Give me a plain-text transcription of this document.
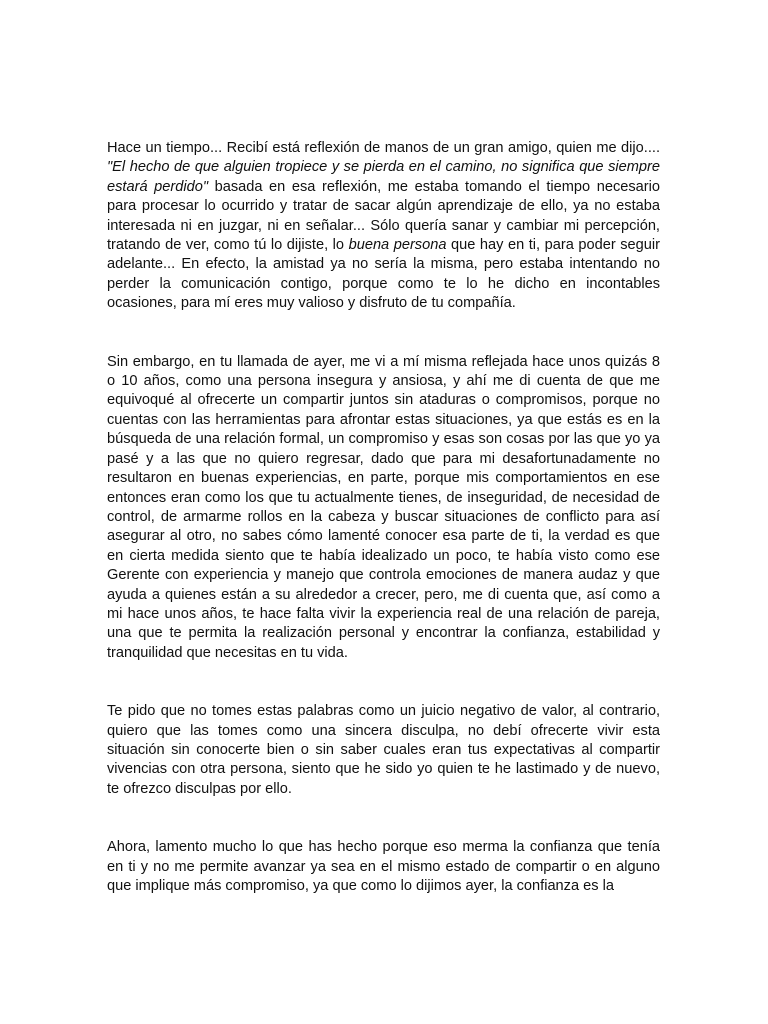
Hace un tiempo... Recibí está reflexión de manos de un gran amigo, quien me dijo.... "El hecho de que alguien tropiece y se pierda en el camino, no significa que siempre estará perdido" basada en esa reflexión, me estaba tomando el tiempo necesario para procesar lo ocurrido y tratar de sacar algún aprendizaje de ello, ya no estaba interesada ni en juzgar, ni en señalar... Sólo quería sanar y cambiar mi percepción, tratando de ver, como tú lo dijiste, lo buena persona que hay en ti, para poder seguir adelante... En efecto, la amistad ya no sería la misma, pero estaba intentando no perder la comunicación contigo, porque como te lo he dicho en incontables ocasiones, para mí eres muy valioso y disfruto de tu compañía.

Sin embargo, en tu llamada de ayer, me vi a mí misma reflejada hace unos quizás 8 o 10 años, como una persona insegura y ansiosa, y ahí me di cuenta de que me equivoqué al ofrecerte un compartir juntos sin ataduras o compromisos, porque no cuentas con las herramientas para afrontar estas situaciones, ya que estás es en la búsqueda de una relación formal, un compromiso y esas son cosas por las que yo ya pasé y a las que no quiero regresar, dado que para mi desafortunadamente no resultaron en buenas experiencias, en parte, porque mis comportamientos en ese entonces eran como los que tu actualmente tienes, de inseguridad, de necesidad de control, de armarme rollos en la cabeza y buscar situaciones de conflicto para así asegurar al otro, no sabes cómo lamenté conocer esa parte de ti, la verdad es que en cierta medida siento que te había idealizado un poco, te había visto como ese Gerente con experiencia y manejo que controla emociones de manera audaz y que ayuda a quienes están a su alrededor a crecer, pero, me di cuenta que, así como a mi hace unos años, te hace falta vivir la experiencia real de una relación de pareja, una que te permita la realización personal y encontrar la confianza, estabilidad y tranquilidad que necesitas en tu vida.

Te pido que no tomes estas palabras como un juicio negativo de valor, al contrario, quiero que las tomes como una sincera disculpa, no debí ofrecerte vivir esta situación sin conocerte bien o sin saber cuales eran tus expectativas al compartir vivencias con otra persona, siento que he sido yo quien te he lastimado y de nuevo, te ofrezco disculpas por ello.

Ahora, lamento mucho lo que has hecho porque eso merma la confianza que tenía en ti y no me permite avanzar ya sea en el mismo estado de compartir o en alguno que implique más compromiso, ya que como lo dijimos ayer, la confianza es la
